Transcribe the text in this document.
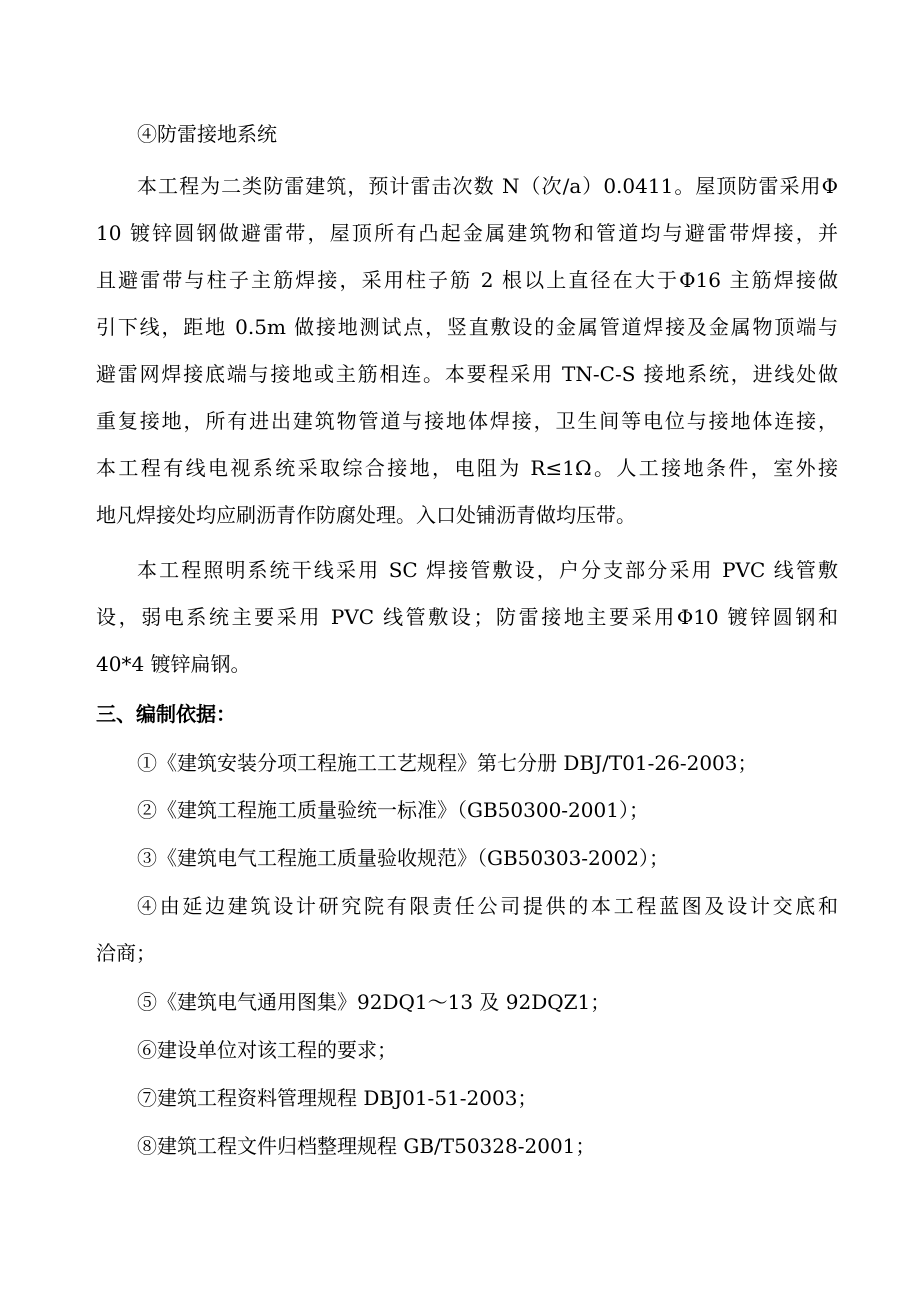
④防雷接地系统
本工程为二类防雷建筑，预计雷击次数 N（次/a）0.0411。屋顶防雷采用Φ
10 镀锌圆钢做避雷带，屋顶所有凸起金属建筑物和管道均与避雷带焊接，并
且避雷带与柱子主筋焊接，采用柱子筋 2 根以上直径在大于Φ16 主筋焊接做
引下线，距地 0.5m 做接地测试点，竖直敷设的金属管道焊接及金属物顶端与
避雷网焊接底端与接地或主筋相连。本要程采用 TN-C-S 接地系统，进线处做
重复接地，所有进出建筑物管道与接地体焊接，卫生间等电位与接地体连接，
本工程有线电视系统采取综合接地，电阻为 R≤1Ω。人工接地条件，室外接
地凡焊接处均应刷沥青作防腐处理。入口处铺沥青做均压带。
本工程照明系统干线采用 SC 焊接管敷设，户分支部分采用 PVC 线管敷
设，弱电系统主要采用 PVC 线管敷设；防雷接地主要采用Φ10 镀锌圆钢和
40*4 镀锌扁钢。
三、编制依据：
①《建筑安装分项工程施工工艺规程》第七分册 DBJ/T01-26-2003；
②《建筑工程施工质量验统一标准》（GB50300-2001）；
③《建筑电气工程施工质量验收规范》（GB50303-2002）；
④由延边建筑设计研究院有限责任公司提供的本工程蓝图及设计交底和
洽商；
⑤《建筑电气通用图集》92DQ1～13 及 92DQZ1；
⑥建设单位对该工程的要求；
⑦建筑工程资料管理规程 DBJ01-51-2003；
⑧建筑工程文件归档整理规程 GB/T50328-2001；
